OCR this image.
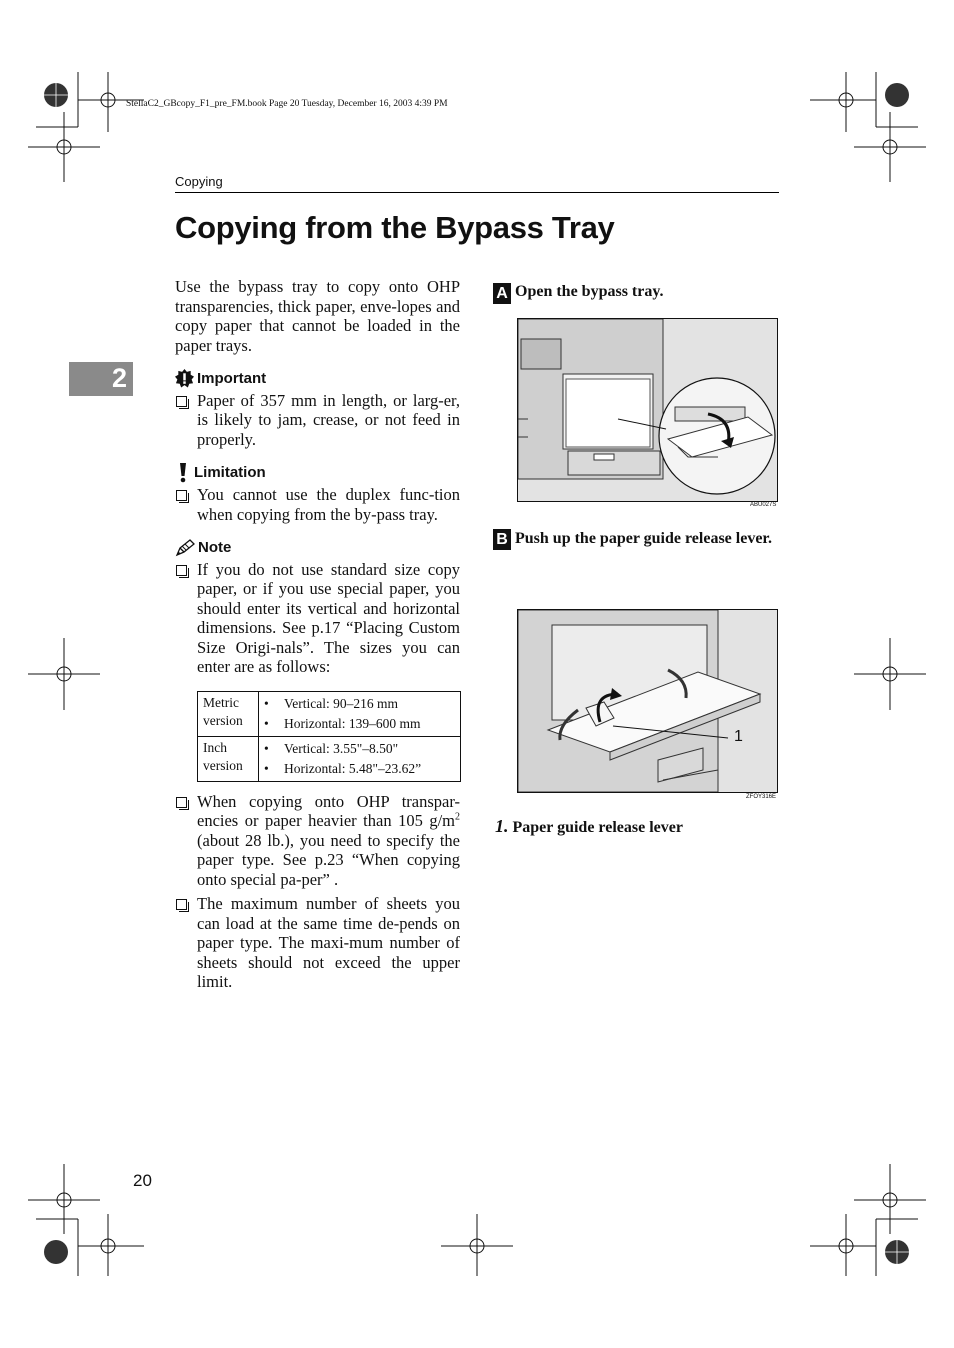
StellaC2_GBcopy_F1_pre_FM.book Page 20 Tuesday, December 16, 2003 4:39 PM
Copying
Copying from the Bypass Tray
2

Use the bypass tray to copy onto OHP transparencies, thick paper, enve-lopes and copy paper that cannot be loaded in the paper trays.

Important
Paper of 357 mm in length, or larg-er, is likely to jam, crease, or not feed in properly.
Limitation
You cannot use the duplex func-tion when copying from the by-pass tray.
Note
If you do not use standard size copy paper, or if you use special paper, you should enter its vertical and horizontal dimensions. See p.17 “Placing Custom Size Origi-nals”. The sizes you can enter are as follows:
Metric version	• Vertical: 90–216 mm
• Horizontal: 139–600 mm

Inch version	• Vertical: 3.55"–8.50"
• Horizontal: 5.48"–23.62”
When copying onto OHP transpar-encies or paper heavier than 105 $g/m^2$ (about 28 lb.), you need to specify the paper type. See p.23 “When copying onto special pa-per” .
The maximum number of sheets you can load at the same time de-pends on paper type. The maxi-mum number of sheets should not exceed the upper limit.
A Open the bypass tray.
ABU027S
B Push up the paper guide release lever.
1
ZFOY316E
1. Paper guide release lever
20
